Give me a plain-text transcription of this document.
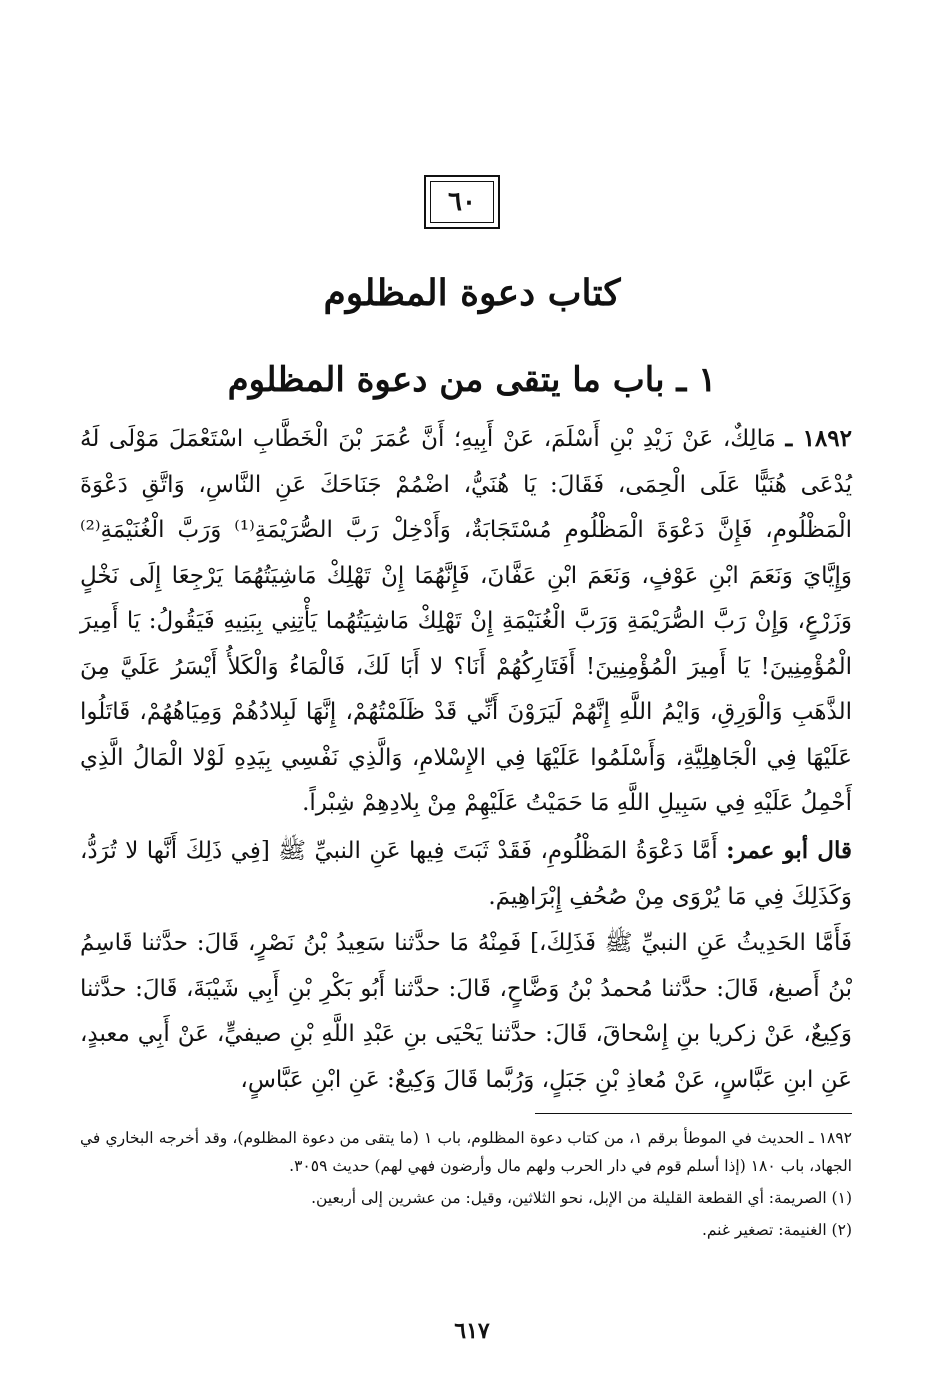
٦٠
كتاب دعوة المظلوم
١ ـ باب ما يتقى من دعوة المظلوم
١٨٩٢ ـ مَالِكٌ، عَنْ زَيْدِ بْنِ أَسْلَمَ، عَنْ أَبِيهِ؛ أَنَّ عُمَرَ بْنَ الْخَطَّابِ اسْتَعْمَلَ مَوْلَى لَهُ يُدْعَى هُنَيًّا عَلَى الْحِمَى، فَقَالَ: يَا هُنَيُّ، اضْمُمْ جَنَاحَكَ عَنِ النَّاسِ، وَاتَّقِ دَعْوَةَ الْمَظْلُومِ، فَإِنَّ دَعْوَةَ الْمَظْلُومِ مُسْتَجَابَةٌ، وَأَدْخِلْ رَبَّ الصُّرَيْمَةِ⁽¹⁾ وَرَبَّ الْغُنَيْمَةِ⁽²⁾ وَإِيَّايَ وَنَعَمَ ابْنِ عَوْفٍ، وَنَعَمَ ابْنِ عَفَّانَ، فَإِنَّهُمَا إِنْ تَهْلِكْ مَاشِيَتُهُمَا يَرْجِعَا إِلَى نَخْلٍ وَزَرْعٍ، وَإِنْ رَبَّ الصُّرَيْمَةِ وَرَبَّ الْغُنَيْمَةِ إِنْ تَهْلِكْ مَاشِيَتُهُما يَأْتِنِي بِبَنِيهِ فَيَقُولُ: يَا أَمِيرَ الْمُؤْمِنِينَ! يَا أَمِيرَ الْمُؤْمِنِينَ! أَفَتَارِكُهُمْ أَنَا؟ لا أَبَا لَكَ، فَالْمَاءُ وَالْكَلأُ أَيْسَرُ عَلَيَّ مِنَ الذَّهَبِ وَالْوَرِقِ، وَايْمُ اللَّهِ إِنَّهُمْ لَيَرَوْنَ أَنِّي قَدْ ظَلَمْتُهُمْ، إِنَّهَا لَبِلادُهُمْ وَمِيَاهُهُمْ، قَاتَلُوا عَلَيْهَا فِي الْجَاهِلِيَّةِ، وَأَسْلَمُوا عَلَيْهَا فِي الإِسْلامِ، وَالَّذِي نَفْسِي بِيَدِهِ لَوْلا الْمَالُ الَّذِي أَحْمِلُ عَلَيْهِ فِي سَبِيلِ اللَّهِ مَا حَمَيْتُ عَلَيْهِمْ مِنْ بِلادِهِمْ شِبْراً.
قال أبو عمر: أَمَّا دَعْوَةُ المَظْلُومِ، فَقَدْ ثَبَتَ فِيها عَنِ النبيِّ ﷺ [فِي ذَلِكَ أَنَّها لا تُرَدُّ، وَكَذَلِكَ فِي مَا يُرْوَى مِنْ صُحُفِ إِبْرَاهِيمَ.
فَأَمَّا الحَدِيثُ عَنِ النبيِّ ﷺ فَذَلِكَ،] فَمِنْهُ مَا حدَّثنا سَعِيدُ بْنُ نَصْرٍ، قَالَ: حدَّثنا قَاسِمُ بْنُ أَصبغ، قَالَ: حدَّثنا مُحمدُ بْنُ وَضَّاحٍ، قَالَ: حدَّثنا أَبُو بَكْرِ بْنِ أَبِي شَيْبَةَ، قَالَ: حدَّثنا وَكِيعٌ، عَنْ زكريا بنِ إِسْحاقَ، قَالَ: حدَّثنا يَحْيَى بنِ عَبْدِ اللَّهِ بْنِ صيفيٍّ، عَنْ أَبِي معبدٍ، عَنِ ابنِ عَبَّاسٍ، عَنْ مُعاذِ بْنِ جَبَلٍ، وَرُبَّما قَالَ وَكِيعٌ: عَنِ ابْنِ عَبَّاسٍ،
١٨٩٢ ـ الحديث في الموطأ برقم ١، من كتاب دعوة المظلوم، باب ١ (ما يتقى من دعوة المظلوم)، وقد أخرجه البخاري في الجهاد، باب ١٨٠ (إذا أسلم قوم في دار الحرب ولهم مال وأرضون فهي لهم) حديث ٣٠٥٩.
(١) الصريمة: أي القطعة القليلة من الإبل، نحو الثلاثين، وقيل: من عشرين إلى أربعين.
(٢) الغنيمة: تصغير غنم.
٦١٧
